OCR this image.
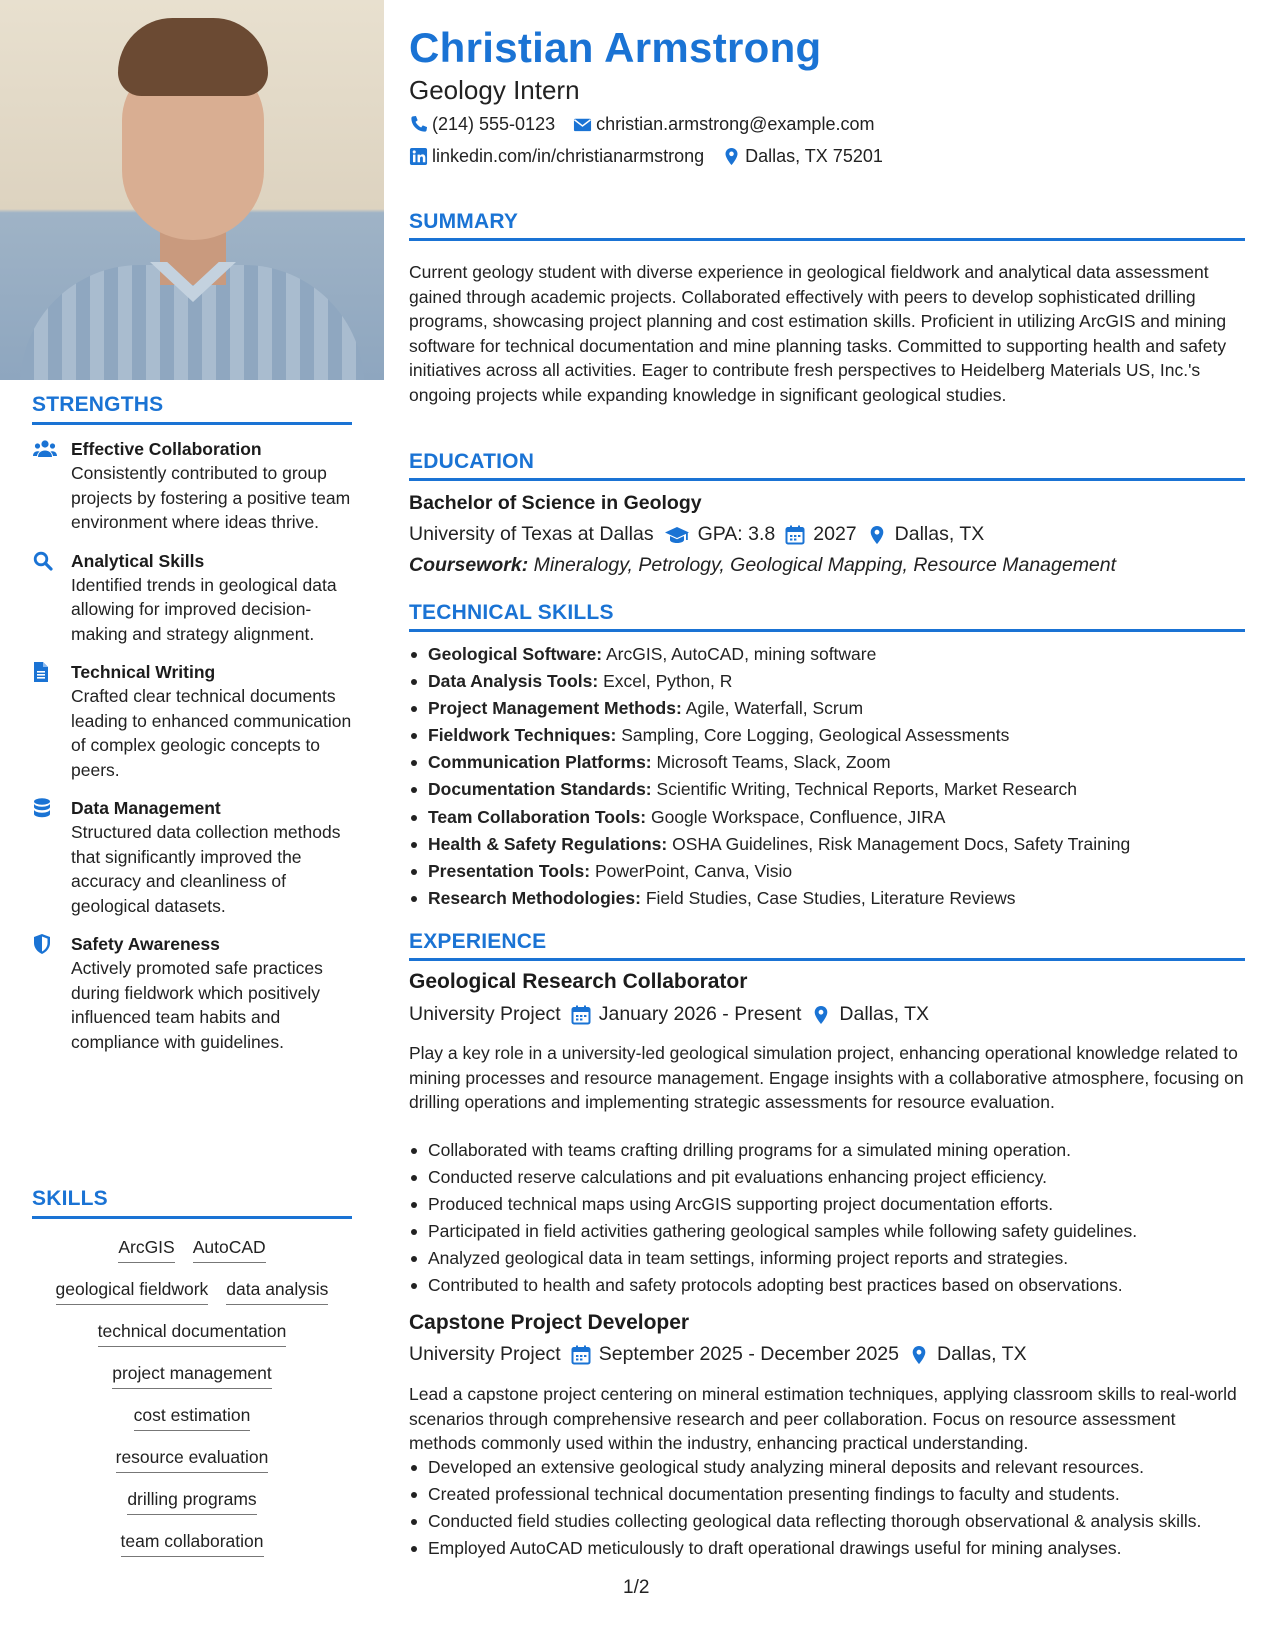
STRENGTHS
Effective Collaboration
Consistently contributed to group projects by fostering a positive team environment where ideas thrive.
Analytical Skills
Identified trends in geological data allowing for improved decision-making and strategy alignment.
Technical Writing
Crafted clear technical documents leading to enhanced communication of complex geologic concepts to peers.
Data Management
Structured data collection methods that significantly improved the accuracy and cleanliness of geological datasets.
Safety Awareness
Actively promoted safe practices during fieldwork which positively influenced team habits and compliance with guidelines.
SKILLS
ArcGIS AutoCAD
geological fieldwork data analysis
technical documentation
project management
cost estimation
resource evaluation
drilling programs
team collaboration
Christian Armstrong
Geology Intern
(214) 555-0123 christian.armstrong@example.com
linkedin.com/in/christianarmstrong Dallas, TX 75201
SUMMARY
Current geology student with diverse experience in geological fieldwork and analytical data assessment gained through academic projects. Collaborated effectively with peers to develop sophisticated drilling programs, showcasing project planning and cost estimation skills. Proficient in utilizing ArcGIS and mining software for technical documentation and mine planning tasks. Committed to supporting health and safety initiatives across all activities. Eager to contribute fresh perspectives to Heidelberg Materials US, Inc.'s ongoing projects while expanding knowledge in significant geological studies.
EDUCATION
Bachelor of Science in Geology
University of Texas at Dallas GPA: 3.8 2027 Dallas, TX
Coursework: Mineralogy, Petrology, Geological Mapping, Resource Management
TECHNICAL SKILLS
Geological Software: ArcGIS, AutoCAD, mining software
Data Analysis Tools: Excel, Python, R
Project Management Methods: Agile, Waterfall, Scrum
Fieldwork Techniques: Sampling, Core Logging, Geological Assessments
Communication Platforms: Microsoft Teams, Slack, Zoom
Documentation Standards: Scientific Writing, Technical Reports, Market Research
Team Collaboration Tools: Google Workspace, Confluence, JIRA
Health & Safety Regulations: OSHA Guidelines, Risk Management Docs, Safety Training
Presentation Tools: PowerPoint, Canva, Visio
Research Methodologies: Field Studies, Case Studies, Literature Reviews
EXPERIENCE
Geological Research Collaborator
University Project January 2026 - Present Dallas, TX
Play a key role in a university-led geological simulation project, enhancing operational knowledge related to mining processes and resource management. Engage insights with a collaborative atmosphere, focusing on drilling operations and implementing strategic assessments for resource evaluation.
Collaborated with teams crafting drilling programs for a simulated mining operation.
Conducted reserve calculations and pit evaluations enhancing project efficiency.
Produced technical maps using ArcGIS supporting project documentation efforts.
Participated in field activities gathering geological samples while following safety guidelines.
Analyzed geological data in team settings, informing project reports and strategies.
Contributed to health and safety protocols adopting best practices based on observations.
Capstone Project Developer
University Project September 2025 - December 2025 Dallas, TX
Lead a capstone project centering on mineral estimation techniques, applying classroom skills to real-world scenarios through comprehensive research and peer collaboration. Focus on resource assessment methods commonly used within the industry, enhancing practical understanding.
Developed an extensive geological study analyzing mineral deposits and relevant resources.
Created professional technical documentation presenting findings to faculty and students.
Conducted field studies collecting geological data reflecting thorough observational & analysis skills.
Employed AutoCAD meticulously to draft operational drawings useful for mining analyses.
1/2
